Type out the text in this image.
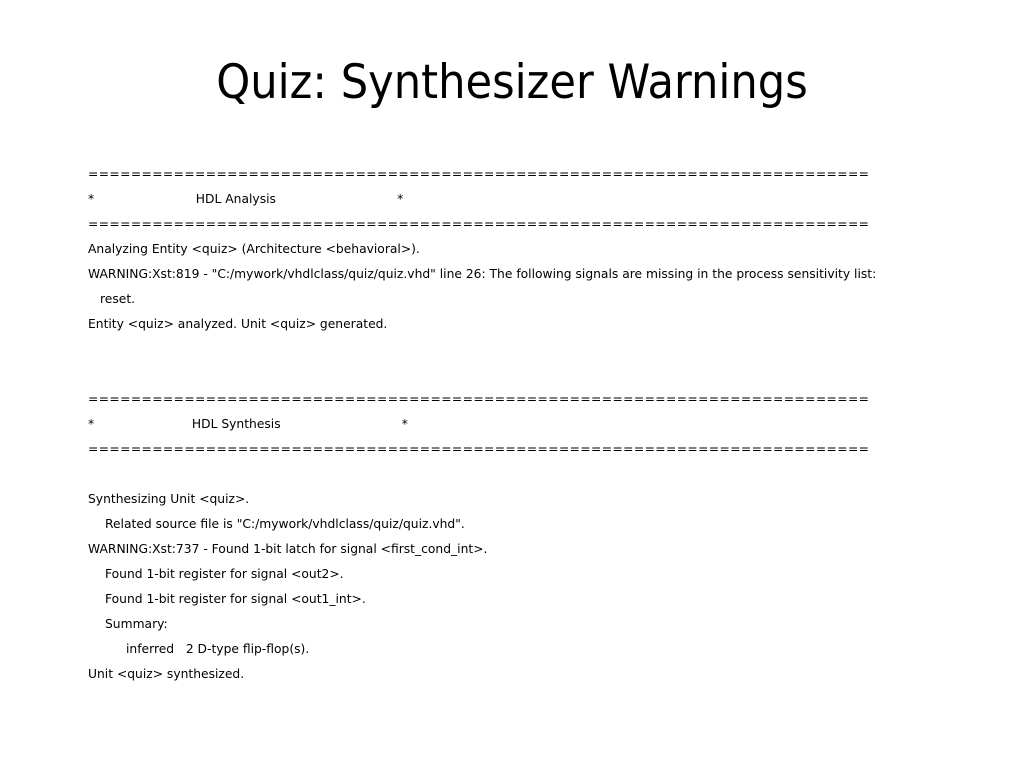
Quiz: Synthesizer Warnings
=========================================================================
*                          HDL Analysis                               *
=========================================================================
Analyzing Entity <quiz> (Architecture <behavioral>).
WARNING:Xst:819 - "C:/mywork/vhdlclass/quiz/quiz.vhd" line 26: The following signals are missing in the process sensitivity list:
reset.
Entity <quiz> analyzed. Unit <quiz> generated.
=========================================================================
*                         HDL Synthesis                               *
=========================================================================
Synthesizing Unit <quiz>.
Related source file is "C:/mywork/vhdlclass/quiz/quiz.vhd".
WARNING:Xst:737 - Found 1-bit latch for signal <first_cond_int>.
Found 1-bit register for signal <out2>.
Found 1-bit register for signal <out1_int>.
Summary:
inferred   2 D-type flip-flop(s).
Unit <quiz> synthesized.
